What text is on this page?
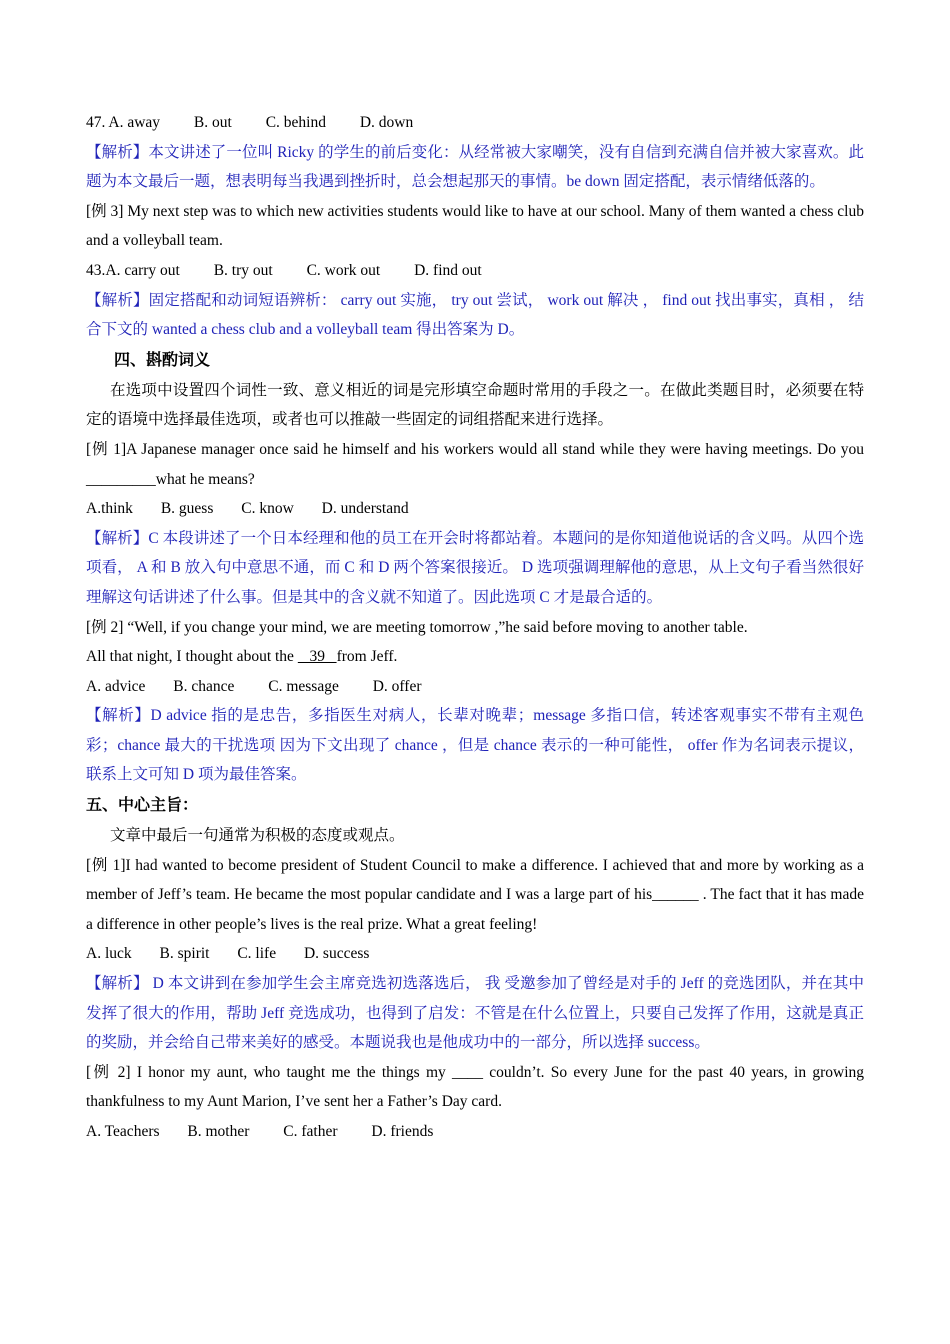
47. A. away B. out C. behind D. down
【解析】本文讲述了一位叫 Ricky 的学生的前后变化：从经常被大家嘲笑，没有自信到充满自信并被大家喜欢。此题为本文最后一题，想表明每当我遇到挫折时，总会想起那天的事情。be down 固定搭配，表示情绪低落的。
[例 3] My next step was to which new activities students would like to have at our school. Many of them wanted a chess club and a volleyball team.
43.A. carry out B. try out C. work out D. find out
【解析】固定搭配和动词短语辨析： carry out 实施， try out 尝试， work out 解决 ， find out 找出事实，真相 ， 结合下文的 wanted a chess club and a volleyball team 得出答案为 D。
四、斟酌词义
在选项中设置四个词性一致、意义相近的词是完形填空命题时常用的手段之一。在做此类题目时，必须要在特定的语境中选择最佳选项，或者也可以推敲一些固定的词组搭配来进行选择。
[例 1]A Japanese manager once said he himself and his workers would all stand while they were having meetings. Do you _________what he means?
A.think B. guess C. know D. understand
【解析】C 本段讲述了一个日本经理和他的员工在开会时将都站着。本题问的是你知道他说话的含义吗。从四个选项看， A 和 B 放入句中意思不通，而 C 和 D 两个答案很接近。 D 选项强调理解他的意思，从上文句子看当然很好理解这句话讲述了什么事。但是其中的含义就不知道了。因此选项 C 才是最合适的。
[例 2] “Well, if you change your mind, we are meeting tomorrow ,”he said before moving to another table.
All that night, I thought about the    39   from Jeff.
A. advice B. chance C. message D. offer
【解析】D advice 指的是忠告，多指医生对病人，长辈对晚辈；message 多指口信，转述客观事实不带有主观色彩；chance 最大的干扰选项 因为下文出现了 chance ，但是 chance 表示的一种可能性， offer 作为名词表示提议，联系上文可知 D 项为最佳答案。
五、中心主旨：
文章中最后一句通常为积极的态度或观点。
[例 1]I had wanted to become president of Student Council to make a difference. I achieved that and more by working as a member of Jeff’s team. He became the most popular candidate and I was a large part of his______ . The fact that it has made a difference in other people’s lives is the real prize. What a great feeling!
A. luck B. spirit C. life D. success
【解析】 D 本文讲到在参加学生会主席竞选初选落选后， 我 受邀参加了曾经是对手的 Jeff 的竞选团队，并在其中发挥了很大的作用，帮助 Jeff 竞选成功，也得到了启发：不管是在什么位置上，只要自己发挥了作用，这就是真正的奖励，并会给自己带来美好的感受。本题说我也是他成功中的一部分，所以选择 success。
[例 2] I honor my aunt, who taught me the things my ____ couldn’t. So every June for the past 40 years, in growing thankfulness to my Aunt Marion, I’ve sent her a Father’s Day card.
A. Teachers B. mother C. father D. friends
